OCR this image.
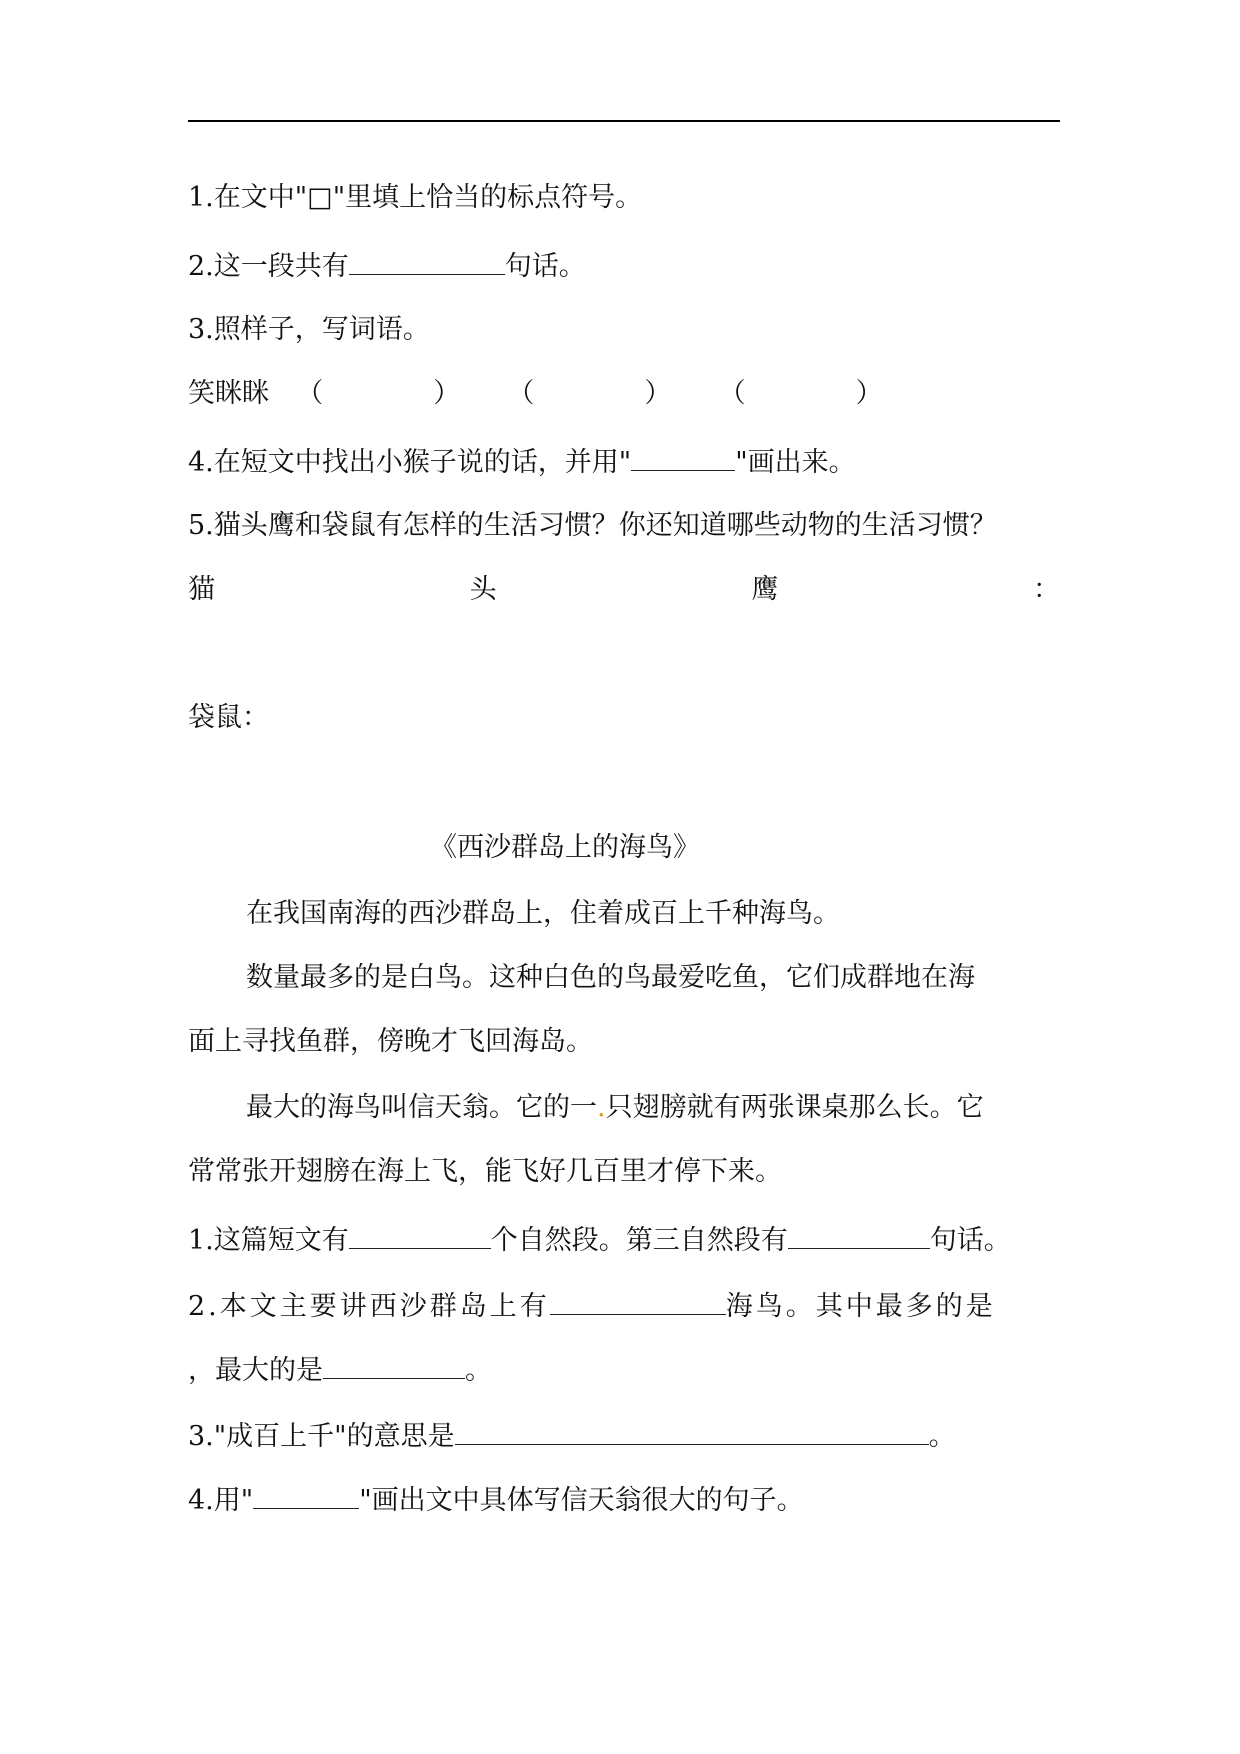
1.在文中"□"里填上恰当的标点符号。
2.这一段共有	句话。
3.照样子，写词语。
笑眯眯 （	） （	） （	）
4.在短文中找出小猴子说的话，并用"	"画出来。
5.猫头鹰和袋鼠有怎样的生活习惯？你还知道哪些动物的生活习惯？
猫	头	鹰	：
袋鼠：
《西沙群岛上的海鸟》
在我国南海的西沙群岛上，住着成百上千种海鸟。
数量最多的是白鸟。这种白色的鸟最爱吃鱼，它们成群地在海
面上寻找鱼群，傍晚才飞回海岛。
最大的海鸟叫信天翁。它的一.只翅膀就有两张课桌那么长。它
常常张开翅膀在海上飞，能飞好几百里才停下来。
1.这篇短文有	个自然段。第三自然段有	句话。
2.本文主要讲西沙群岛上有	海鸟。其中最多的是
，最大的是	。
3."成百上千"的意思是	。
4.用"	"画出文中具体写信天翁很大的句子。
